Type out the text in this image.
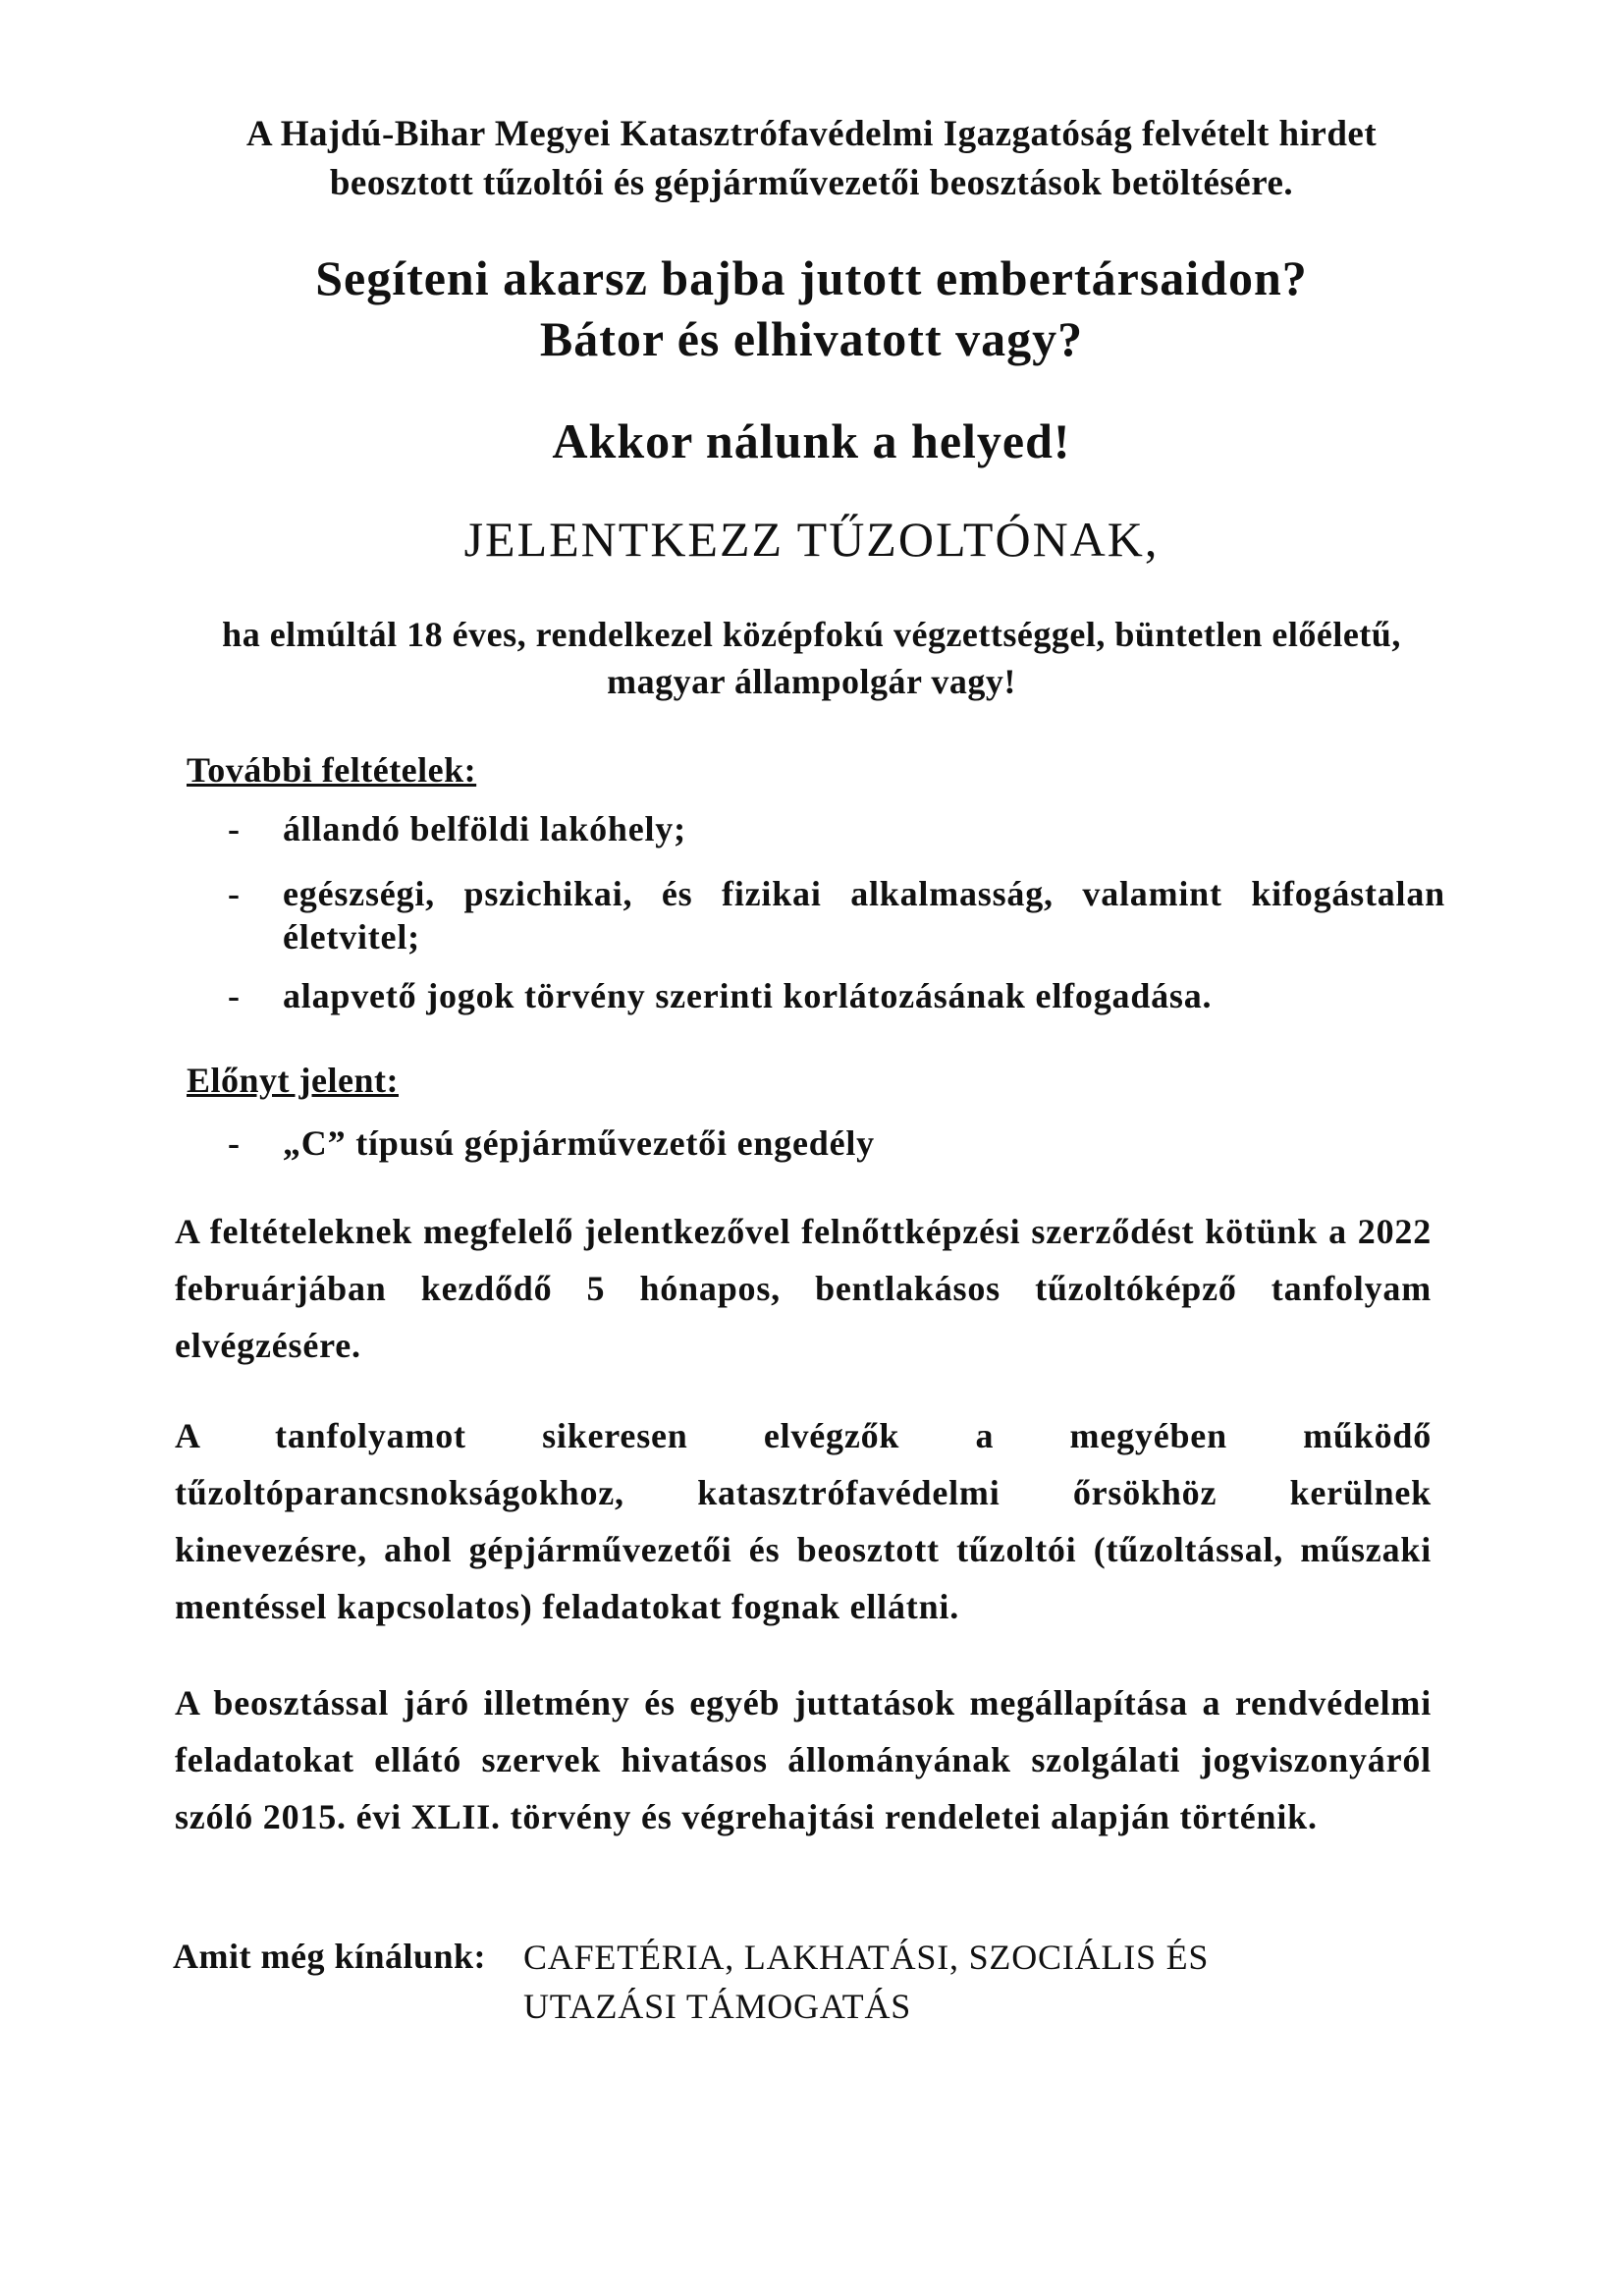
A Hajdú-Bihar Megyei Katasztrófavédelmi Igazgatóság felvételt hirdet beosztott tűzoltói és gépjárművezetői beosztások betöltésére.
Segíteni akarsz bajba jutott embertársaidon?
Bátor és elhivatott vagy?
Akkor nálunk a helyed!
JELENTKEZZ TŰZOLTÓNAK,
ha elmúltál 18 éves, rendelkezel középfokú végzettséggel, büntetlen előéletű, magyar állampolgár vagy!
További feltételek:
-	állandó belföldi lakóhely;
-	egészségi, pszichikai, és fizikai alkalmasság, valamint kifogástalan életvitel;
-	alapvető jogok törvény szerinti korlátozásának elfogadása.
Előnyt jelent:
-	„C” típusú gépjárművezetői engedély
A feltételeknek megfelelő jelentkezővel felnőttképzési szerződést kötünk a 2022 februárjában kezdődő 5 hónapos, bentlakásos tűzoltóképző tanfolyam elvégzésére.
A tanfolyamot sikeresen elvégzők a megyében működő tűzoltóparancsnokságokhoz, katasztrófavédelmi őrsökhöz kerülnek kinevezésre, ahol gépjárművezetői és beosztott tűzoltói (tűzoltással, műszaki mentéssel kapcsolatos) feladatokat fognak ellátni.
A beosztással járó illetmény és egyéb juttatások megállapítása a rendvédelmi feladatokat ellátó szervek hivatásos állományának szolgálati jogviszonyáról szóló 2015. évi XLII. törvény és végrehajtási rendeletei alapján történik.
Amit még kínálunk: CAFETÉRIA, LAKHATÁSI, SZOCIÁLIS ÉS
UTAZÁSI TÁMOGATÁS
